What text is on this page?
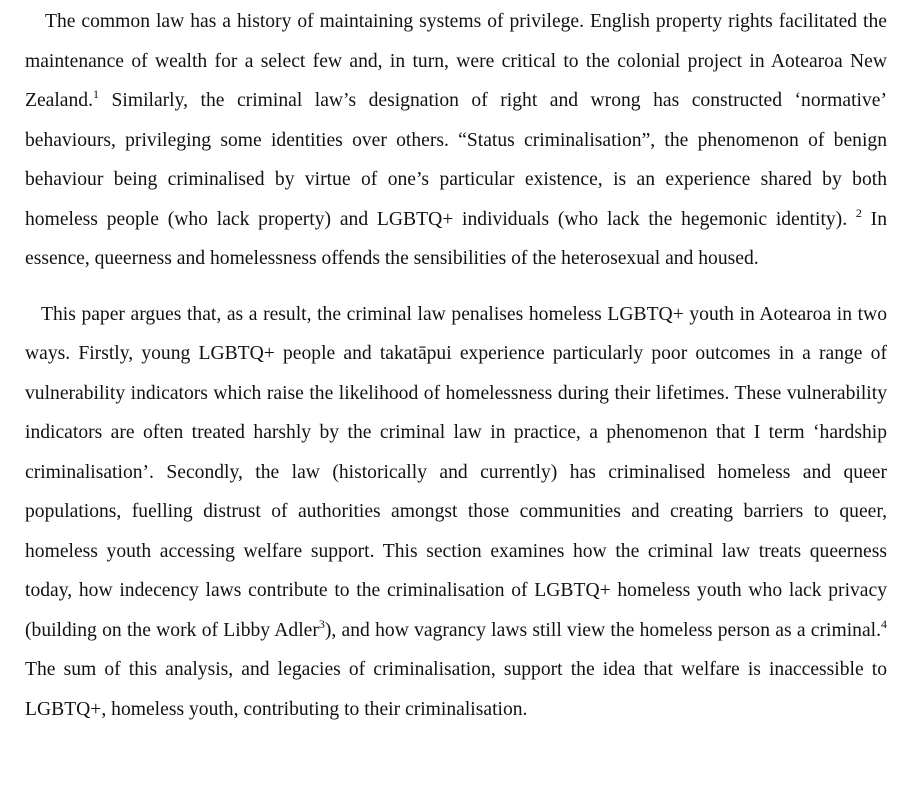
The common law has a history of maintaining systems of privilege. English property rights facilitated the maintenance of wealth for a select few and, in turn, were critical to the colonial project in Aotearoa New Zealand.$^1$ Similarly, the criminal law’s designation of right and wrong has constructed ‘normative’ behaviours, privileging some identities over others. “Status criminalisation”, the phenomenon of benign behaviour being criminalised by virtue of one’s particular existence, is an experience shared by both homeless people (who lack property) and LGBTQ+ individuals (who lack the hegemonic identity). $^2$ In essence, queerness and homelessness offends the sensibilities of the heterosexual and housed.

This paper argues that, as a result, the criminal law penalises homeless LGBTQ+ youth in Aotearoa in two ways. Firstly, young LGBTQ+ people and takatāpui experience particularly poor outcomes in a range of vulnerability indicators which raise the likelihood of homelessness during their lifetimes. These vulnerability indicators are often treated harshly by the criminal law in practice, a phenomenon that I term ‘hardship criminalisation’. Secondly, the law (historically and currently) has criminalised homeless and queer populations, fuelling distrust of authorities amongst those communities and creating barriers to queer, homeless youth accessing welfare support. This section examines how the criminal law treats queerness today, how indecency laws contribute to the criminalisation of LGBTQ+ homeless youth who lack privacy (building on the work of Libby Adler$^3$), and how vagrancy laws still view the homeless person as a criminal.$^4$ The sum of this analysis, and legacies of criminalisation, support the idea that welfare is inaccessible to LGBTQ+, homeless youth, contributing to their criminalisation.
